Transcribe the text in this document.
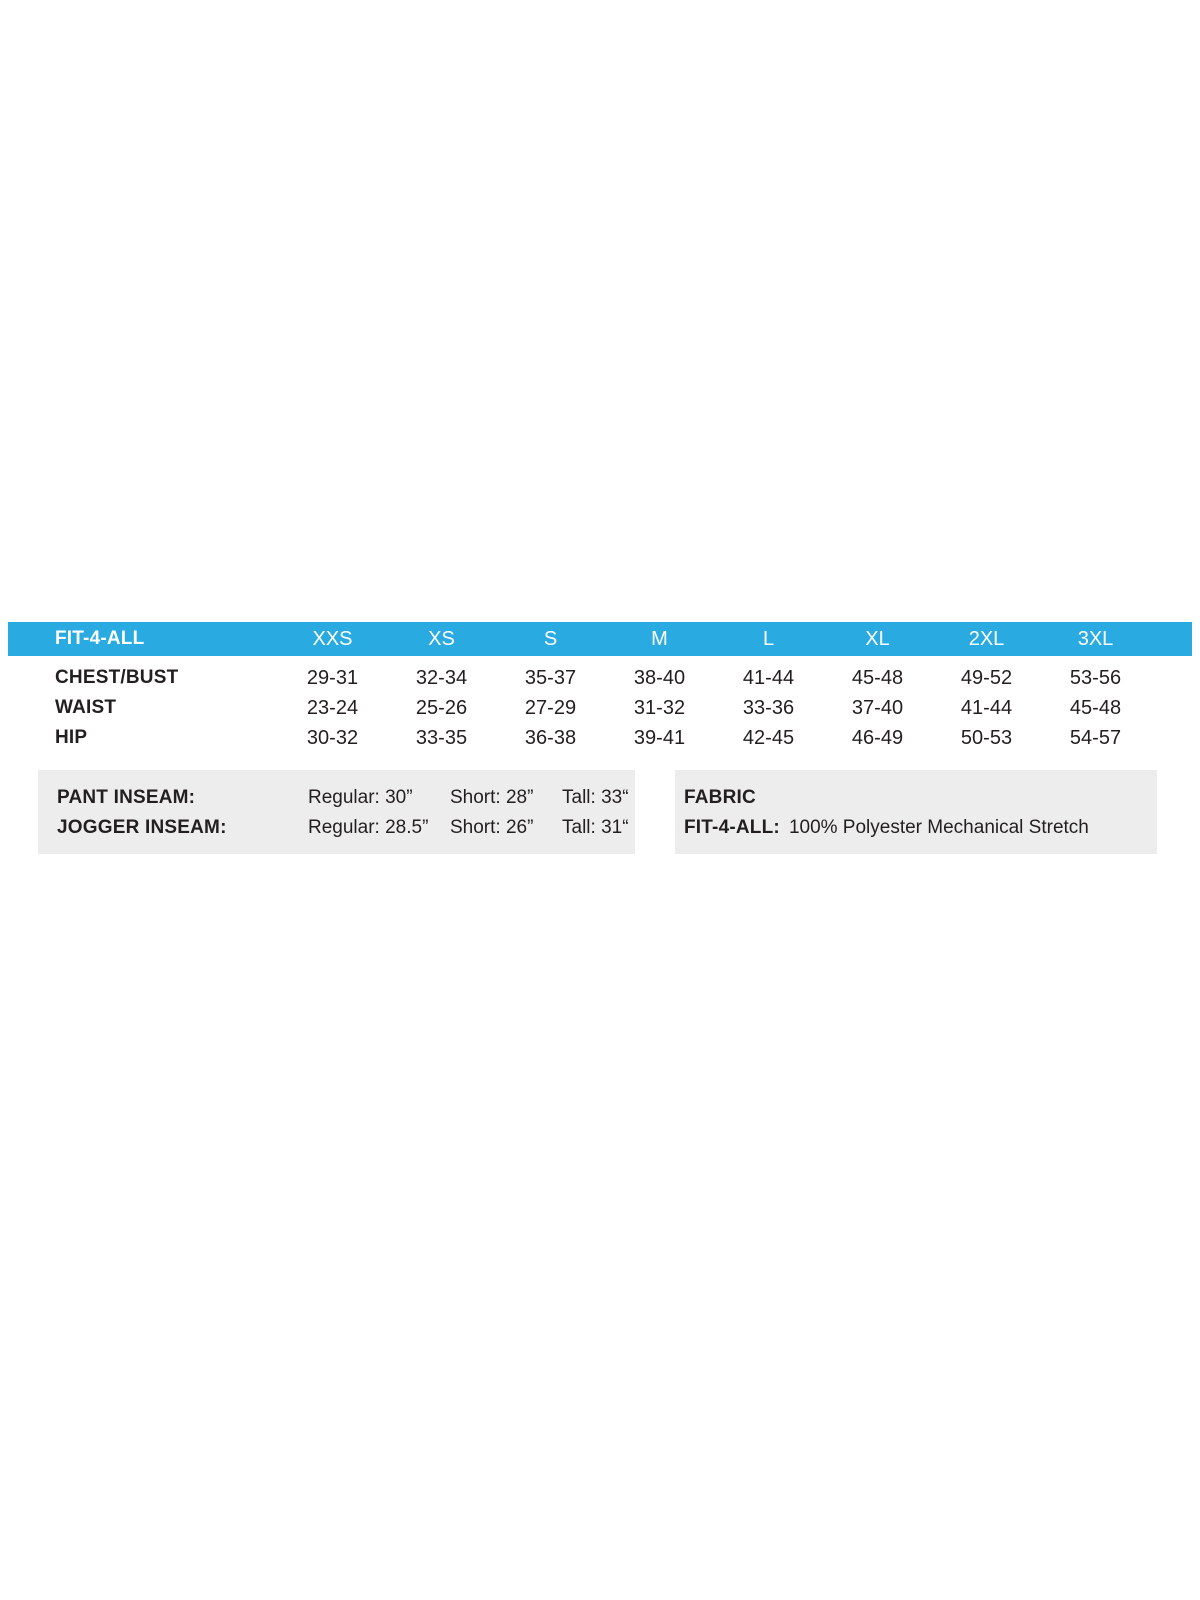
FIT-4-ALL	XXS	XS	S	M	L	XL	2XL	3XL
CHEST/BUST	29-31	32-34	35-37	38-40	41-44	45-48	49-52	53-56
WAIST	23-24	25-26	27-29	31-32	33-36	37-40	41-44	45-48
HIP	30-32	33-35	36-38	39-41	42-45	46-49	50-53	54-57
PANT INSEAM:	Regular: 30”	Short: 28”	Tall: 33“
JOGGER INSEAM:	Regular: 28.5”	Short: 26”	Tall: 31“
FABRIC
FIT-4-ALL: 100% Polyester Mechanical Stretch
